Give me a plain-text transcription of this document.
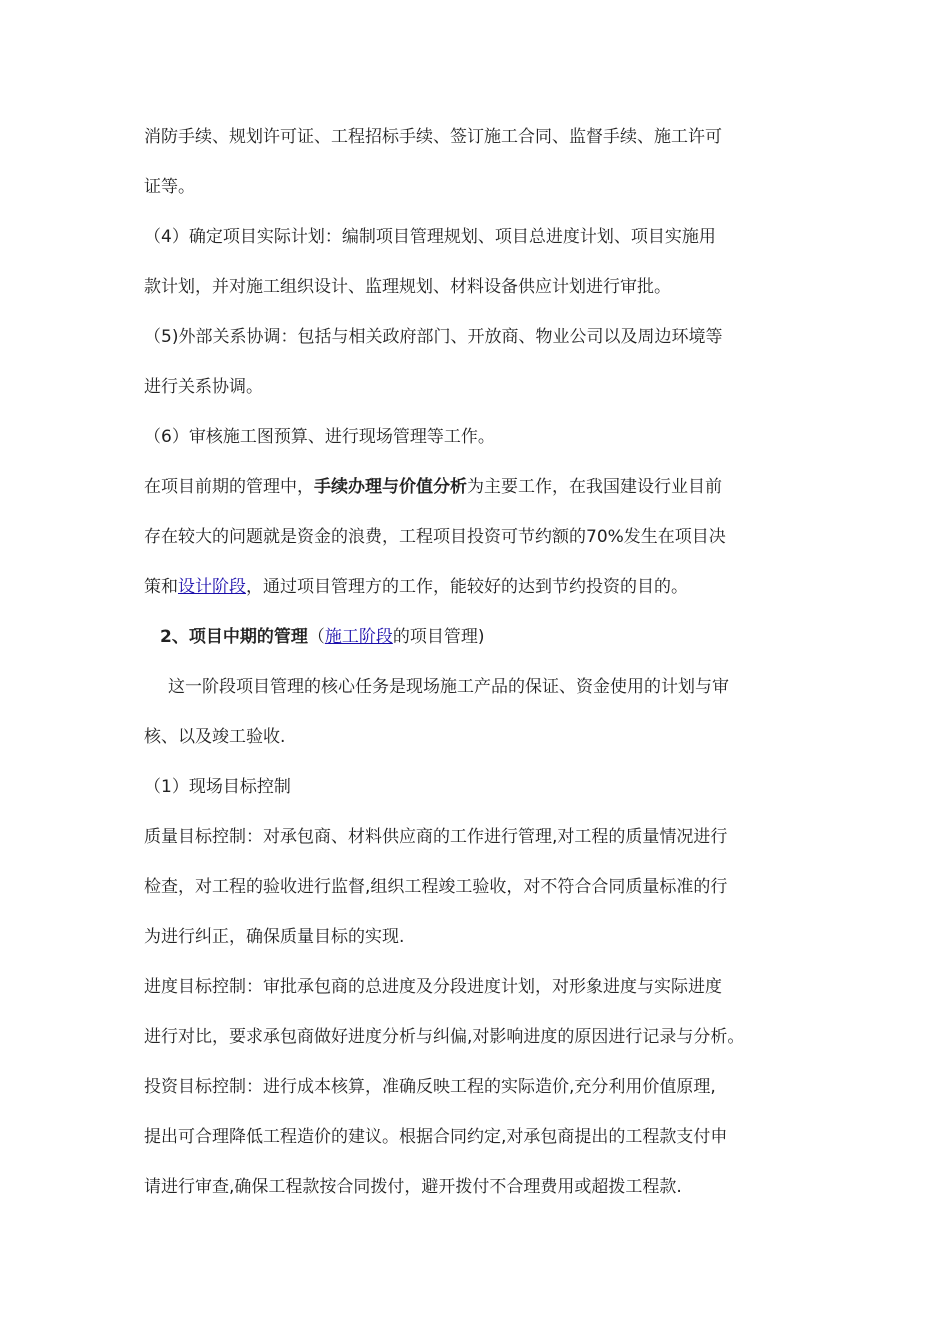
消防手续、规划许可证、工程招标手续、签订施工合同、监督手续、施工许可
证等。
（4）确定项目实际计划：编制项目管理规划、项目总进度计划、项目实施用
款计划，并对施工组织设计、监理规划、材料设备供应计划进行审批。
（5)外部关系协调：包括与相关政府部门、开放商、物业公司以及周边环境等
进行关系协调。
（6）审核施工图预算、进行现场管理等工作。
在项目前期的管理中，手续办理与价值分析为主要工作，在我国建设行业目前
存在较大的问题就是资金的浪费，工程项目投资可节约额的70%发生在项目决
策和设计阶段，通过项目管理方的工作，能较好的达到节约投资的目的。
2、项目中期的管理（施工阶段的项目管理)
这一阶段项目管理的核心任务是现场施工产品的保证、资金使用的计划与审
核、以及竣工验收.
（1）现场目标控制
质量目标控制：对承包商、材料供应商的工作进行管理,对工程的质量情况进行
检查，对工程的验收进行监督,组织工程竣工验收，对不符合合同质量标准的行
为进行纠正，确保质量目标的实现.
进度目标控制：审批承包商的总进度及分段进度计划，对形象进度与实际进度
进行对比，要求承包商做好进度分析与纠偏,对影响进度的原因进行记录与分析。
投资目标控制：进行成本核算，准确反映工程的实际造价,充分利用价值原理,
提出可合理降低工程造价的建议。根据合同约定,对承包商提出的工程款支付申
请进行审查,确保工程款按合同拨付，避开拨付不合理费用或超拨工程款.
